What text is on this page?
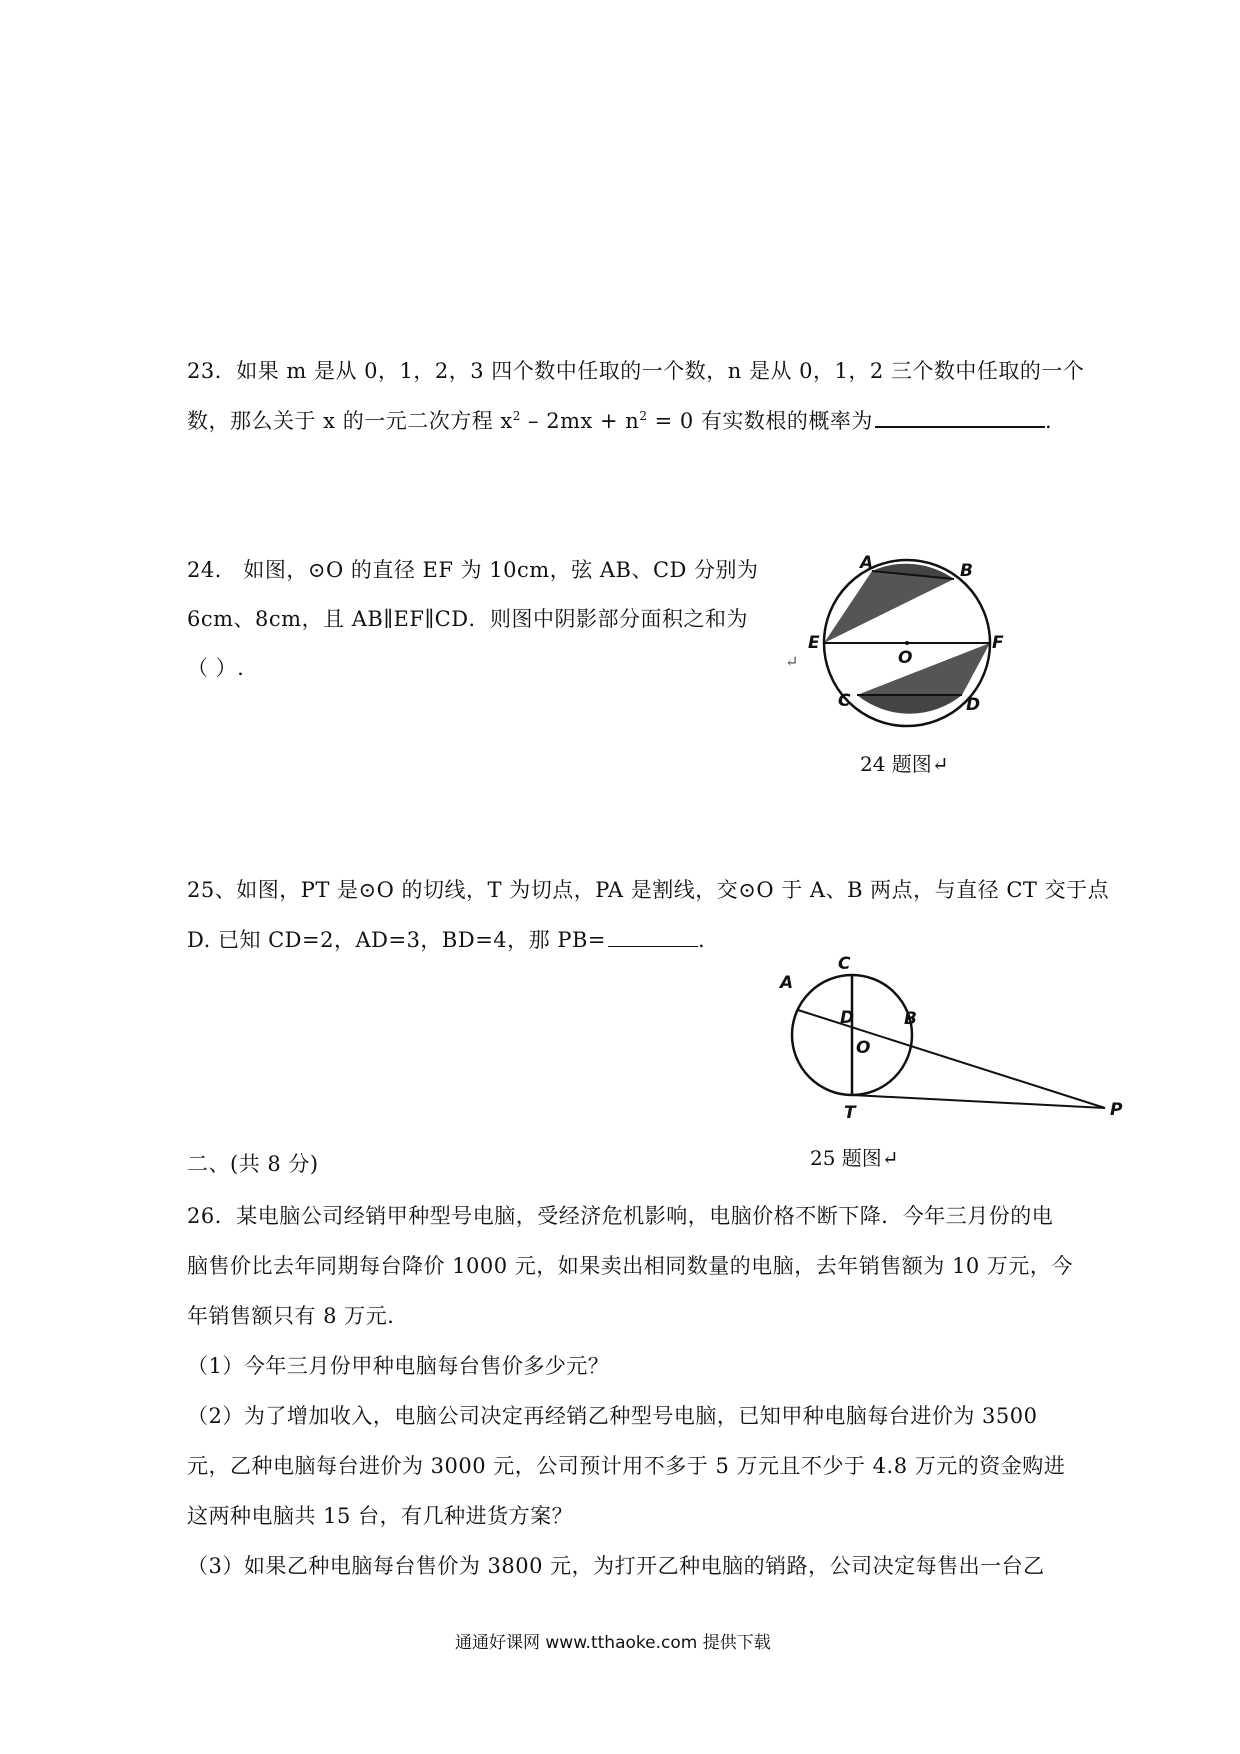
23．如果 m 是从 0，1，2，3 四个数中任取的一个数，n 是从 0，1，2 三个数中任取的一个
数，那么关于 x 的一元二次方程 $x^2 - 2mx + n^2 = 0$ 有实数根的概率为	.
24． 如图，⊙O 的直径 EF 为 10cm，弦 AB、CD 分别为
6cm、8cm，且 AB∥EF∥CD．则图中阴影部分面积之和为
（ ）.
A	B
E
O
F
C	D
↵
24 题图↵
25、如图，PT 是⊙O 的切线，T 为切点，PA 是割线，交⊙O 于 A、B 两点，与直径 CT 交于点
D. 已知 CD=2，AD=3，BD=4，那 PB=	.
A
C
D	B
O
T	P
25 题图↵
二、(共 8 分)
26．某电脑公司经销甲种型号电脑，受经济危机影响，电脑价格不断下降．今年三月份的电
脑售价比去年同期每台降价 1000 元，如果卖出相同数量的电脑，去年销售额为 10 万元，今
年销售额只有 8 万元．
（1）今年三月份甲种电脑每台售价多少元？
（2）为了增加收入，电脑公司决定再经销乙种型号电脑，已知甲种电脑每台进价为 3500
元，乙种电脑每台进价为 3000 元，公司预计用不多于 5 万元且不少于 4.8 万元的资金购进
这两种电脑共 15 台，有几种进货方案？
（3）如果乙种电脑每台售价为 3800 元，为打开乙种电脑的销路，公司决定每售出一台乙
通通好课网 www.tthaoke.com 提供下载
